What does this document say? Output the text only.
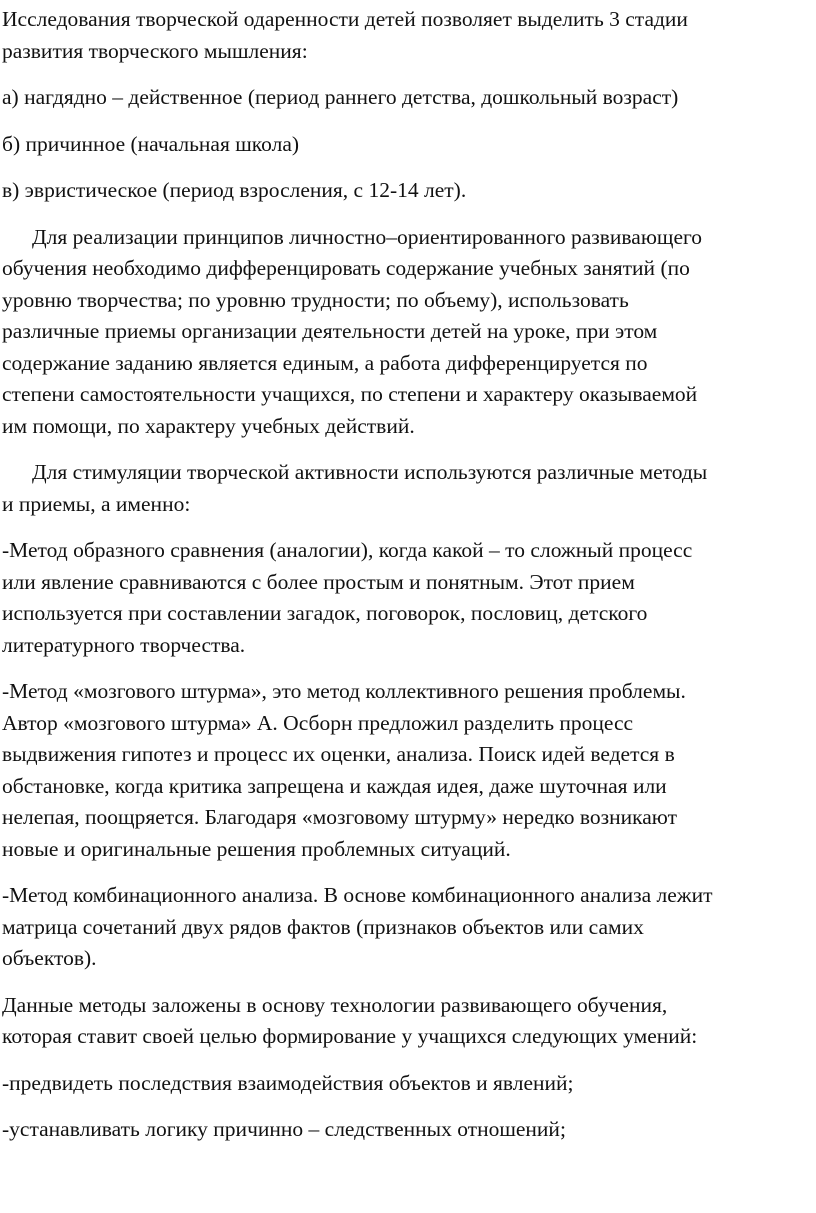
Исследования творческой одаренности детей позволяет выделить 3 стадии
развития творческого мышления:

а) нагдядно – действенное (период раннего детства, дошкольный возраст)

б) причинное (начальная школа)

в) эвристическое (период взросления, с 12-14 лет).

Для реализации принципов личностно–ориентированного развивающего
обучения необходимо дифференцировать содержание учебных занятий (по
уровню творчества; по уровню трудности; по объему), использовать
различные приемы организации деятельности детей на уроке, при этом
содержание заданию является единым, а работа дифференцируется по
степени самостоятельности учащихся, по степени и характеру оказываемой
им помощи, по характеру учебных действий.

Для стимуляции творческой активности используются различные методы
и приемы, а именно:

-Метод образного сравнения (аналогии), когда какой – то сложный процесс
или явление сравниваются с более простым и понятным. Этот прием
используется при составлении загадок, поговорок, пословиц, детского
литературного творчества.

-Метод «мозгового штурма», это метод коллективного решения проблемы.
Автор «мозгового штурма» А. Осборн предложил разделить процесс
выдвижения гипотез и процесс их оценки, анализа. Поиск идей ведется в
обстановке, когда критика запрещена и каждая идея, даже шуточная или
нелепая, поощряется. Благодаря «мозговому штурму» нередко возникают
новые и оригинальные решения проблемных ситуаций.

-Метод комбинационного анализа. В основе комбинационного анализа лежит
матрица сочетаний двух рядов фактов (признаков объектов или самих
объектов).

Данные методы заложены в основу технологии развивающего обучения,
которая ставит своей целью формирование у учащихся следующих умений:

-предвидеть последствия взаимодействия объектов и явлений;

-устанавливать логику причинно – следственных отношений;
